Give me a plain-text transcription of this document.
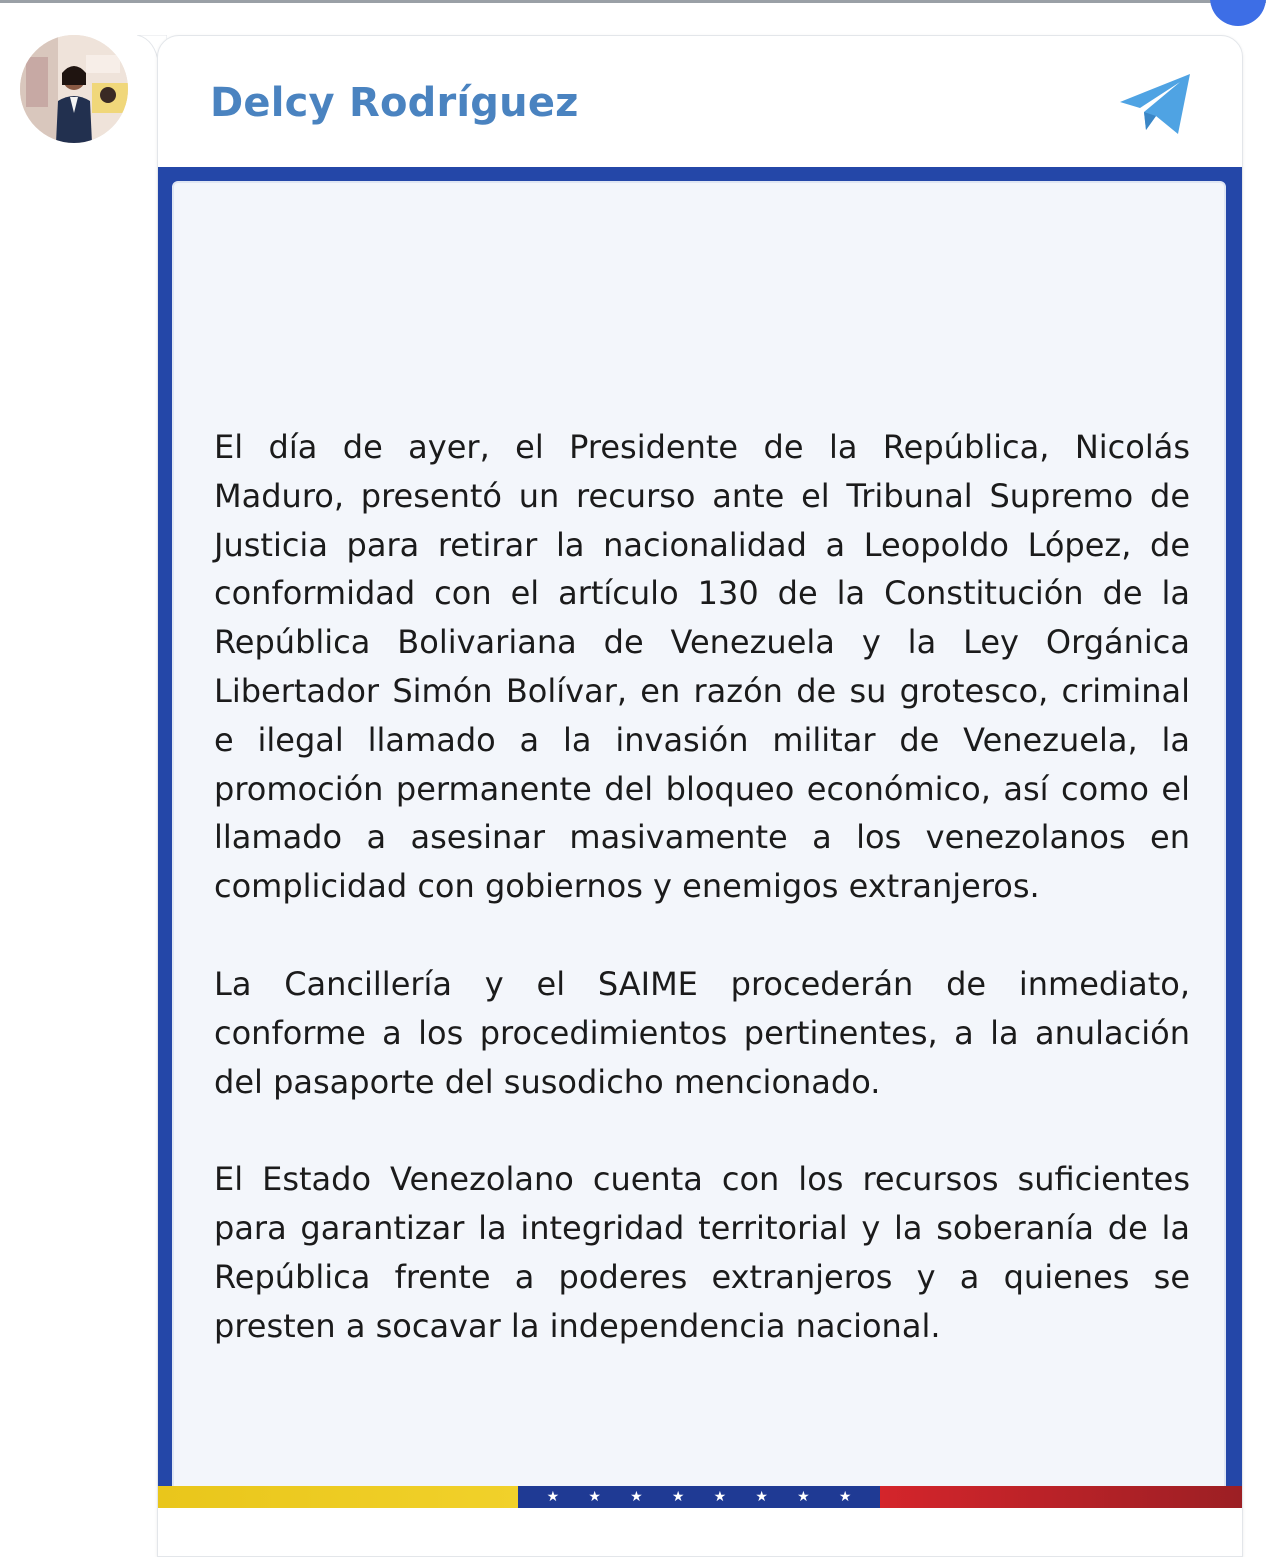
Delcy Rodríguez

El día de ayer, el Presidente de la República, Nicolás Maduro, presentó un recurso ante el Tribunal Supremo de Justicia para retirar la nacionalidad a Leopoldo López, de conformidad con el artículo 130 de la Constitución de la República Bolivariana de Venezuela y la Ley Orgánica Libertador Simón Bolívar, en razón de su grotesco, criminal e ilegal llamado a la invasión militar de Venezuela, la promoción permanente del bloqueo económico, así como el llamado a asesinar masivamente a los venezolanos en complicidad con gobiernos y enemigos extranjeros.

La Cancillería y el SAIME procederán de inmediato, conforme a los procedimientos pertinentes, a la anulación del pasaporte del susodicho mencionado.

El Estado Venezolano cuenta con los recursos suficientes para garantizar la integridad territorial y la soberanía de la República frente a poderes extranjeros y a quienes se presten a socavar la independencia nacional.

★ ★ ★ ★ ★ ★ ★ ★
